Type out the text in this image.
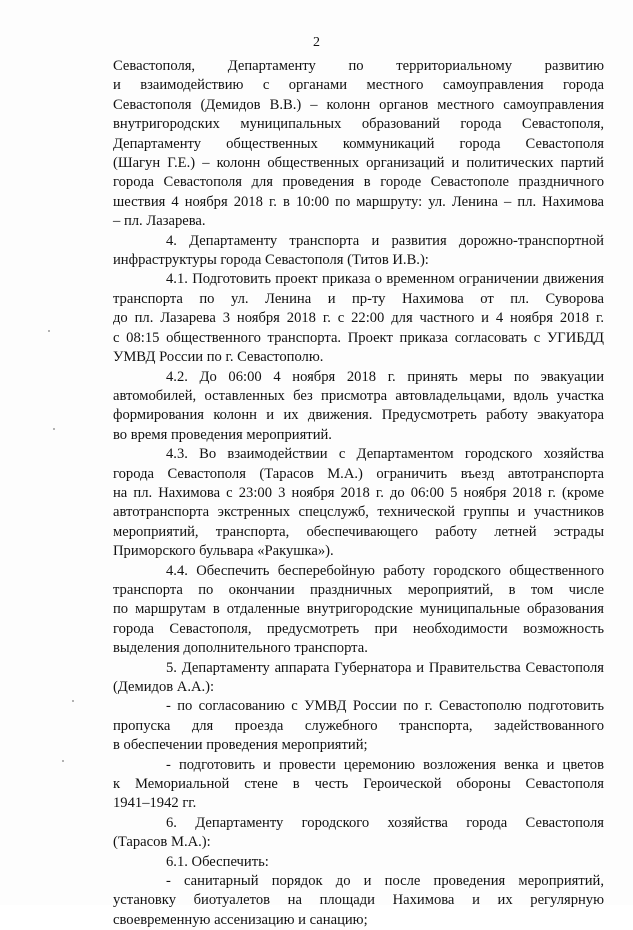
2

Севастополя, Департаменту по территориальному развитию
и взаимодействию с органами местного самоуправления города
Севастополя (Демидов В.В.) – колонн органов местного самоуправления
внутригородских муниципальных образований города Севастополя,
Департаменту общественных коммуникаций города Севастополя
(Шагун Г.Е.) – колонн общественных организаций и политических партий
города Севастополя для проведения в городе Севастополе праздничного
шествия 4 ноября 2018 г. в 10:00 по маршруту: ул. Ленина – пл. Нахимова
– пл. Лазарева.

4. Департаменту транспорта и развития дорожно-транспортной
инфраструктуры города Севастополя (Титов И.В.):

4.1. Подготовить проект приказа о временном ограничении движения
транспорта по ул. Ленина и пр-ту Нахимова от пл. Суворова
до пл. Лазарева 3 ноября 2018 г. с 22:00 для частного и 4 ноября 2018 г.
с 08:15 общественного транспорта. Проект приказа согласовать с УГИБДД
УМВД России по г. Севастополю.

4.2. До 06:00 4 ноября 2018 г. принять меры по эвакуации
автомобилей, оставленных без присмотра автовладельцами, вдоль участка
формирования колонн и их движения. Предусмотреть работу эвакуатора
во время проведения мероприятий.

4.3. Во взаимодействии с Департаментом городского хозяйства
города Севастополя (Тарасов М.А.) ограничить въезд автотранспорта
на пл. Нахимова с 23:00 3 ноября 2018 г. до 06:00 5 ноября 2018 г. (кроме
автотранспорта экстренных спецслужб, технической группы и участников
мероприятий, транспорта, обеспечивающего работу летней эстрады
Приморского бульвара «Ракушка»).

4.4. Обеспечить бесперебойную работу городского общественного
транспорта по окончании праздничных мероприятий, в том числе
по маршрутам в отдаленные внутригородские муниципальные образования
города Севастополя, предусмотреть при необходимости возможность
выделения дополнительного транспорта.

5. Департаменту аппарата Губернатора и Правительства Севастополя
(Демидов А.А.):

- по согласованию с УМВД России по г. Севастополю подготовить
пропуска для проезда служебного транспорта, задействованного
в обеспечении проведения мероприятий;

- подготовить и провести церемонию возложения венка и цветов
к Мемориальной стене в честь Героической обороны Севастополя
1941–1942 гг.

6. Департаменту городского хозяйства города Севастополя
(Тарасов М.А.):

6.1. Обеспечить:

- санитарный порядок до и после проведения мероприятий,
установку биотуалетов на площади Нахимова и их регулярную
своевременную ассенизацию и санацию;
